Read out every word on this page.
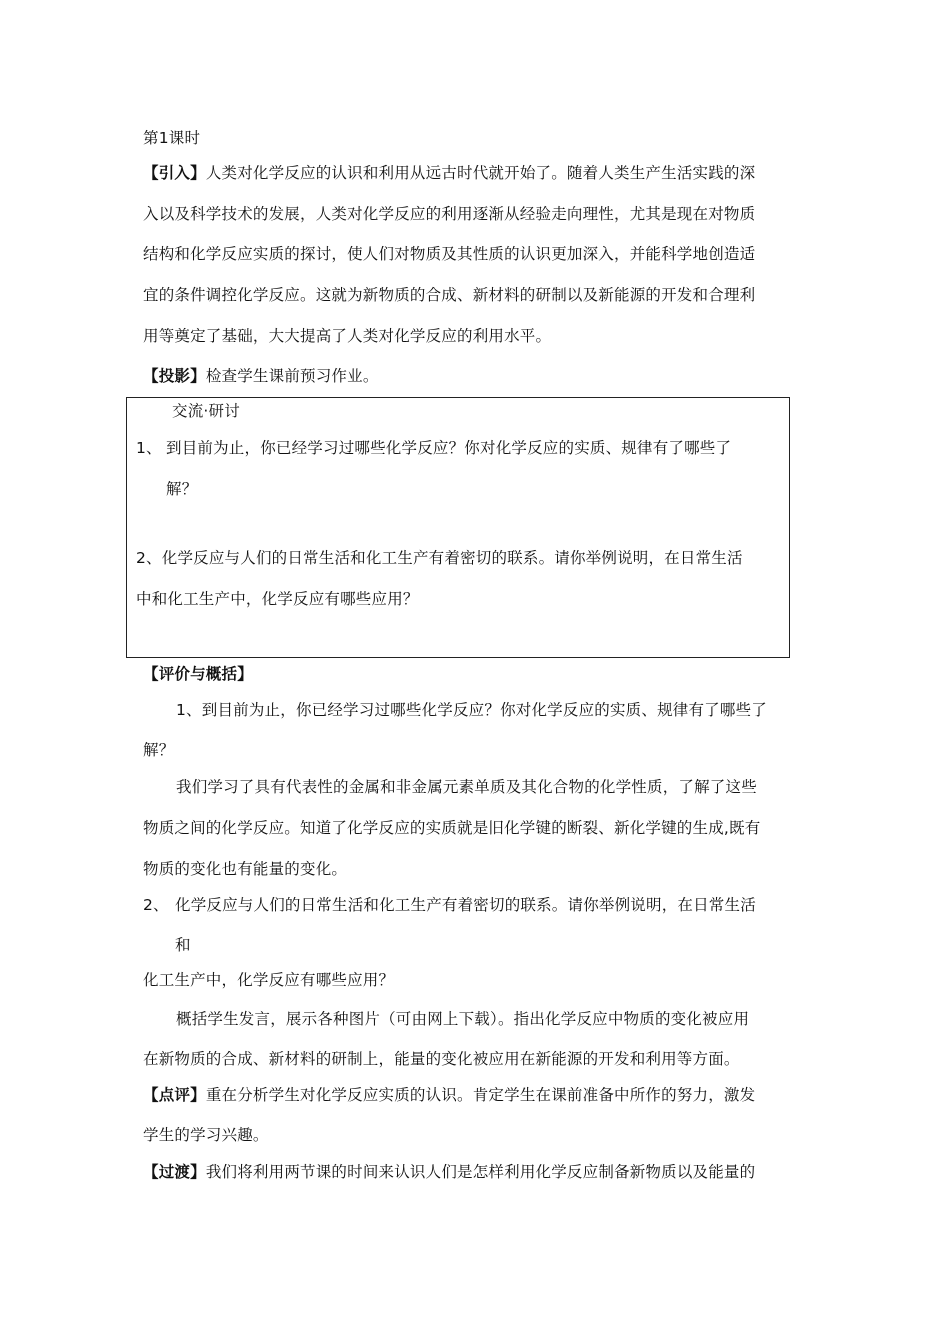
第1课时
【引入】人类对化学反应的认识和利用从远古时代就开始了。随着人类生产生活实践的深
入以及科学技术的发展，人类对化学反应的利用逐渐从经验走向理性，尤其是现在对物质
结构和化学反应实质的探讨，使人们对物质及其性质的认识更加深入，并能科学地创造适
宜的条件调控化学反应。这就为新物质的合成、新材料的研制以及新能源的开发和合理利
用等奠定了基础，大大提高了人类对化学反应的利用水平。
【投影】检查学生课前预习作业。
交流·研讨
1、 到目前为止，你已经学习过哪些化学反应？你对化学反应的实质、规律有了哪些了
解？
2、化学反应与人们的日常生活和化工生产有着密切的联系。请你举例说明，在日常生活
中和化工生产中，化学反应有哪些应用？
【评价与概括】
1、到目前为止，你已经学习过哪些化学反应？你对化学反应的实质、规律有了哪些了
解？
我们学习了具有代表性的金属和非金属元素单质及其化合物的化学性质，了解了这些
物质之间的化学反应。知道了化学反应的实质就是旧化学键的断裂、新化学键的生成,既有
物质的变化也有能量的变化。
2、 化学反应与人们的日常生活和化工生产有着密切的联系。请你举例说明，在日常生活
和
化工生产中，化学反应有哪些应用？
概括学生发言，展示各种图片（可由网上下载）。指出化学反应中物质的变化被应用
在新物质的合成、新材料的研制上，能量的变化被应用在新能源的开发和利用等方面。
【点评】重在分析学生对化学反应实质的认识。肯定学生在课前准备中所作的努力，激发
学生的学习兴趣。
【过渡】我们将利用两节课的时间来认识人们是怎样利用化学反应制备新物质以及能量的
